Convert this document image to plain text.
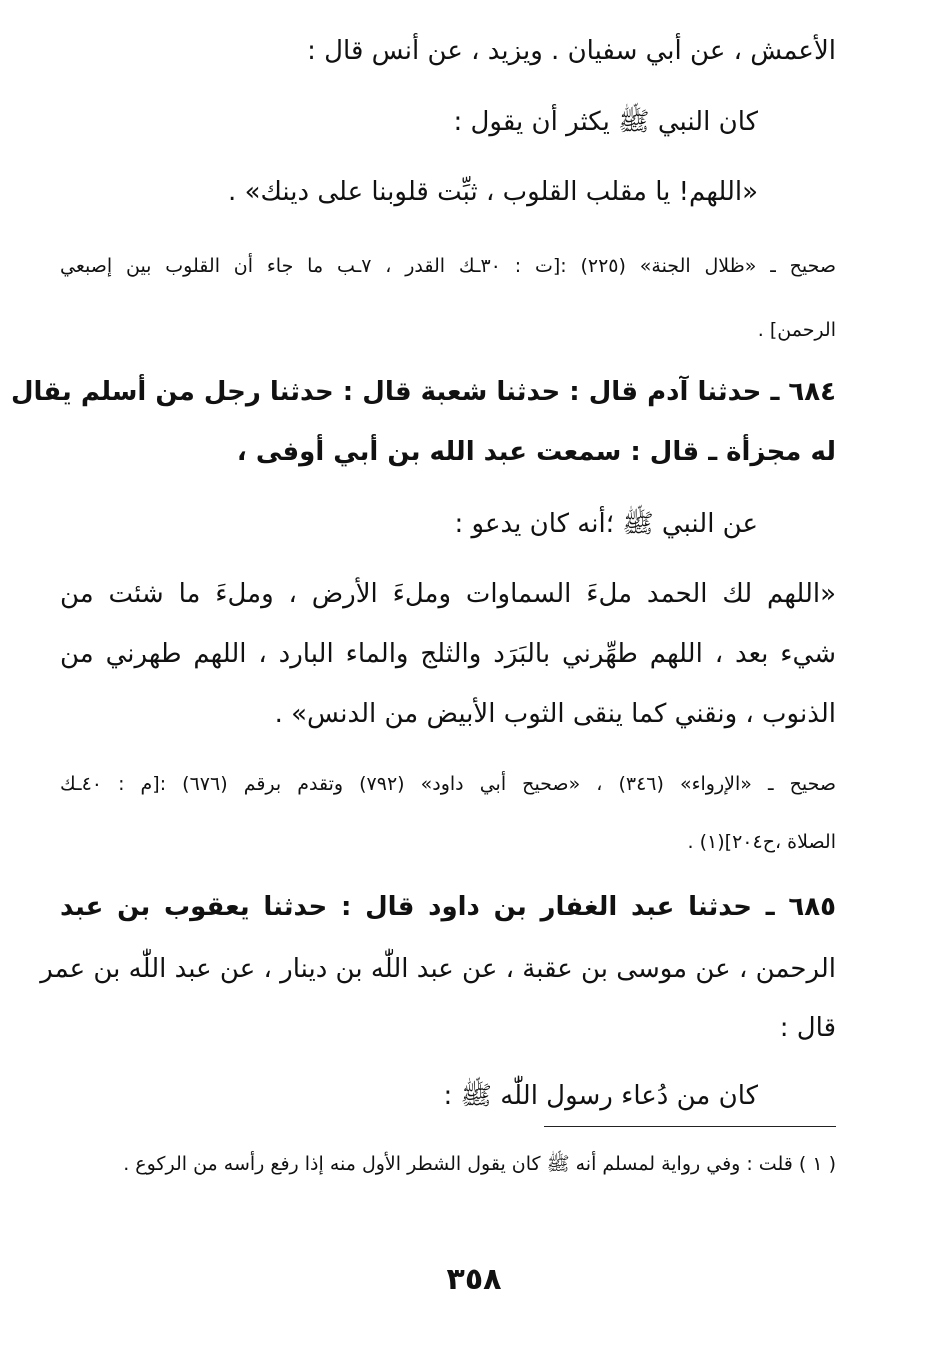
الأعمش ، عن أبي سفيان . ويزيد ، عن أنس قال :
كان النبي ﷺ يكثر أن يقول :
«اللهم! يا مقلب القلوب ، ثبِّت قلوبنا على دينك» .
صحيح ـ «ظلال الجنة» (٢٢٥) :[ت : ٣٠ـك القدر ، ٧ـب ما جاء أن القلوب بين إصبعي
الرحمن] .
٦٨٤ ـ حدثنا آدم قال : حدثنا شعبة قال : حدثنا رجل من أسلم يقال
له مجزأة ـ قال : سمعت عبد الله بن أبي أوفى ،
عن النبي ﷺ ؛أنه كان يدعو :
«اللهم لك الحمد ملءَ السماوات وملءَ الأرض ، وملءَ ما شئت من
شيء بعد ، اللهم طهِّرني بالبَرَد والثلج والماء البارد ، اللهم طهرني من
الذنوب ، ونقني كما ينقى الثوب الأبيض من الدنس» .
صحيح ـ «الإرواء» (٣٤٦) ، «صحيح أبي داود» (٧٩٢) وتقدم برقم (٦٧٦) :[م : ٤٠ـك
الصلاة ،ح٢٠٤](١) .
٦٨٥ ـ حدثنا عبد الغفار بن داود قال : حدثنا يعقوب بن عبد
الرحمن ، عن موسى بن عقبة ، عن عبد اللّٰه بن دينار ، عن عبد اللّٰه بن عمر
قال :
كان من دُعاء رسول اللّٰه ﷺ :
( ١ ) قلت : وفي رواية لمسلم أنه ﷺ كان يقول الشطر الأول منه إذا رفع رأسه من الركوع .
٣٥٨
